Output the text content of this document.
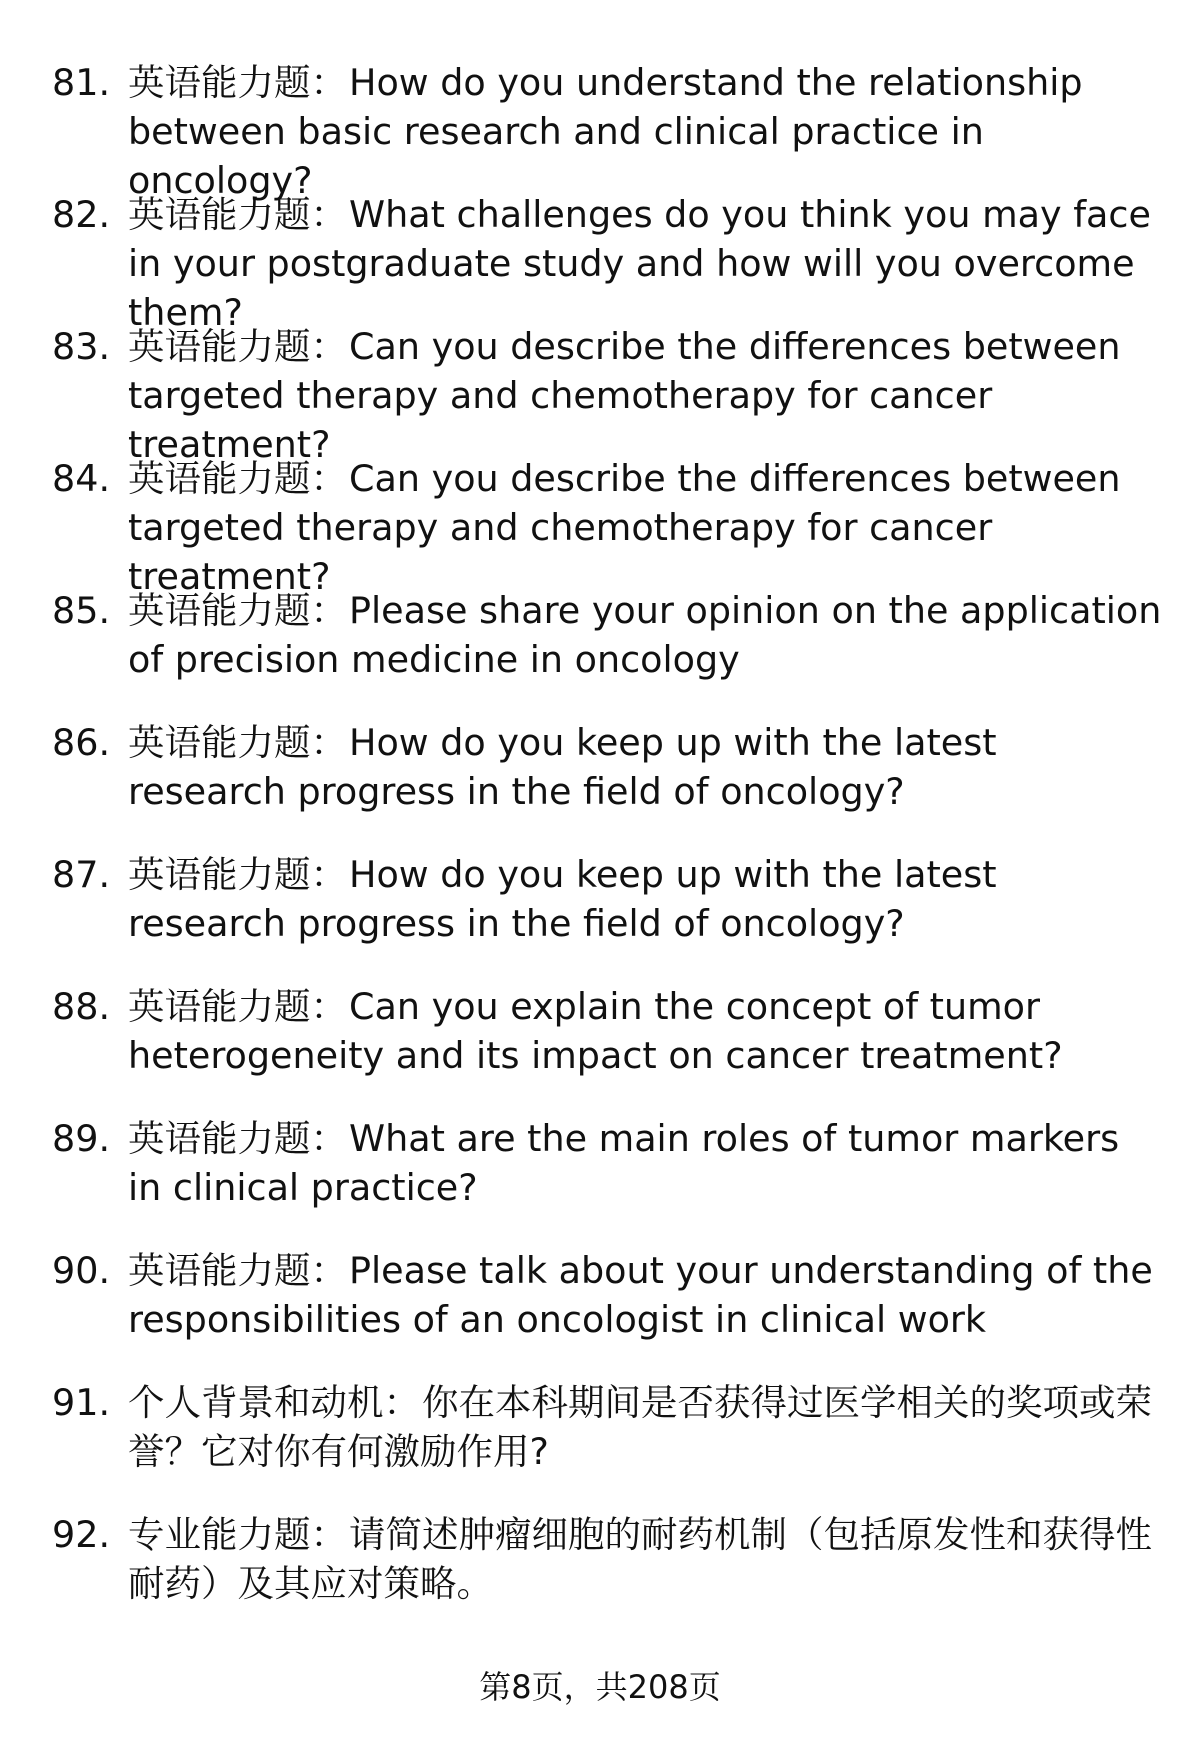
81. 英语能力题：How do you understand the relationship between basic research and clinical practice in oncology?
82. 英语能力题：What challenges do you think you may face in your postgraduate study and how will you overcome them?
83. 英语能力题：Can you describe the differences between targeted therapy and chemotherapy for cancer treatment?
84. 英语能力题：Can you describe the differences between targeted therapy and chemotherapy for cancer treatment?
85. 英语能力题：Please share your opinion on the application of precision medicine in oncology
86. 英语能力题：How do you keep up with the latest research progress in the field of oncology?
87. 英语能力题：How do you keep up with the latest research progress in the field of oncology?
88. 英语能力题：Can you explain the concept of tumor heterogeneity and its impact on cancer treatment?
89. 英语能力题：What are the main roles of tumor markers in clinical practice?
90. 英语能力题：Please talk about your understanding of the responsibilities of an oncologist in clinical work
91. 个人背景和动机：你在本科期间是否获得过医学相关的奖项或荣誉？它对你有何激励作用?
92. 专业能力题：请简述肿瘤细胞的耐药机制（包括原发性和获得性耐药）及其应对策略。
第8页，共208页
